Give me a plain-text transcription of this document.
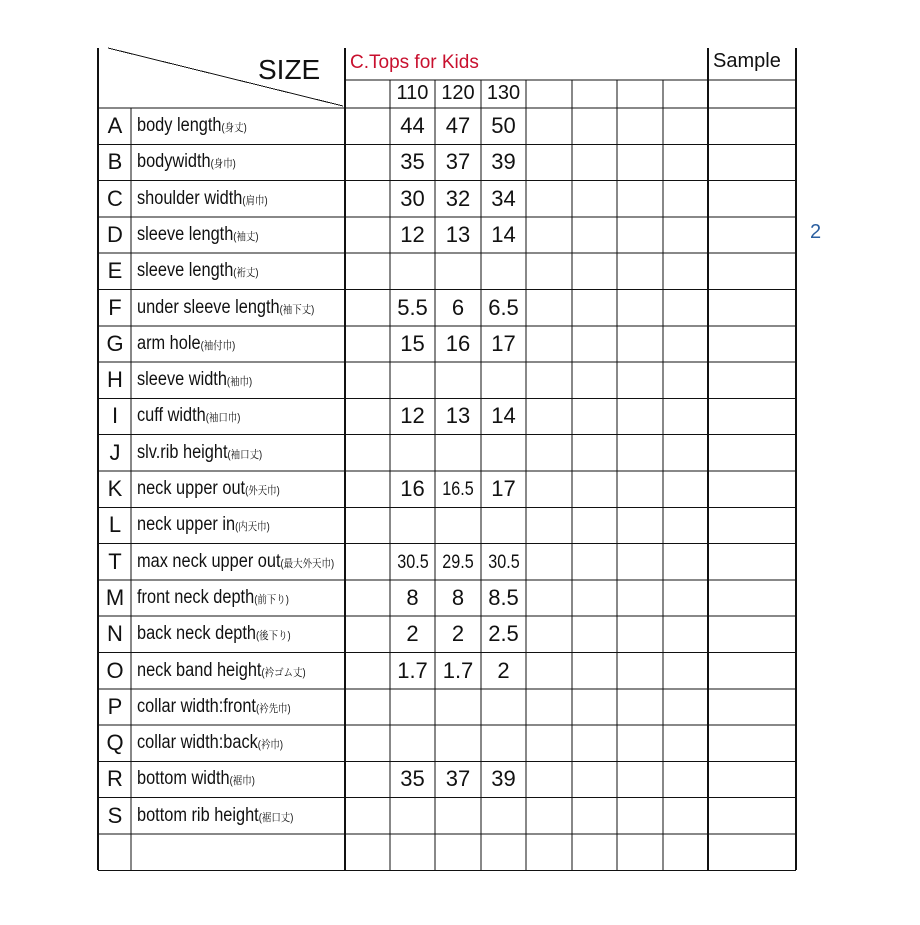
110 120 130
A body length(身丈)	44 47 50
B bodywidth(身巾)	35 37 39
C shoulder width(肩巾)	30 32 34
D sleeve length(袖丈)	12 13 14
E sleeve length(裄丈)
F under sleeve length(袖下丈)	5.5	6	6.5
G arm hole(袖付巾)	15 16 17
H sleeve width(袖巾)
I cuff width(袖口巾)	12 13 14
J slv.rib height(袖口丈)
K neck upper out(外天巾)	16 16.5 17
L neck upper in(内天巾)
T max neck upper out(最大外天巾)	30.5 29.5 30.5
M front neck depth(前下り)	8	8	8.5
N back neck depth(後下り)	2	2	2.5
O neck band height(衿ゴム丈)	1.7 1.7	2
P collar width:front(衿先巾)
Q collar width:back(衿巾)
R bottom width(裾巾)	35 37 39
S bottom rib height(裾口丈)
SIZE C.Tops for Kids	Sample
2
